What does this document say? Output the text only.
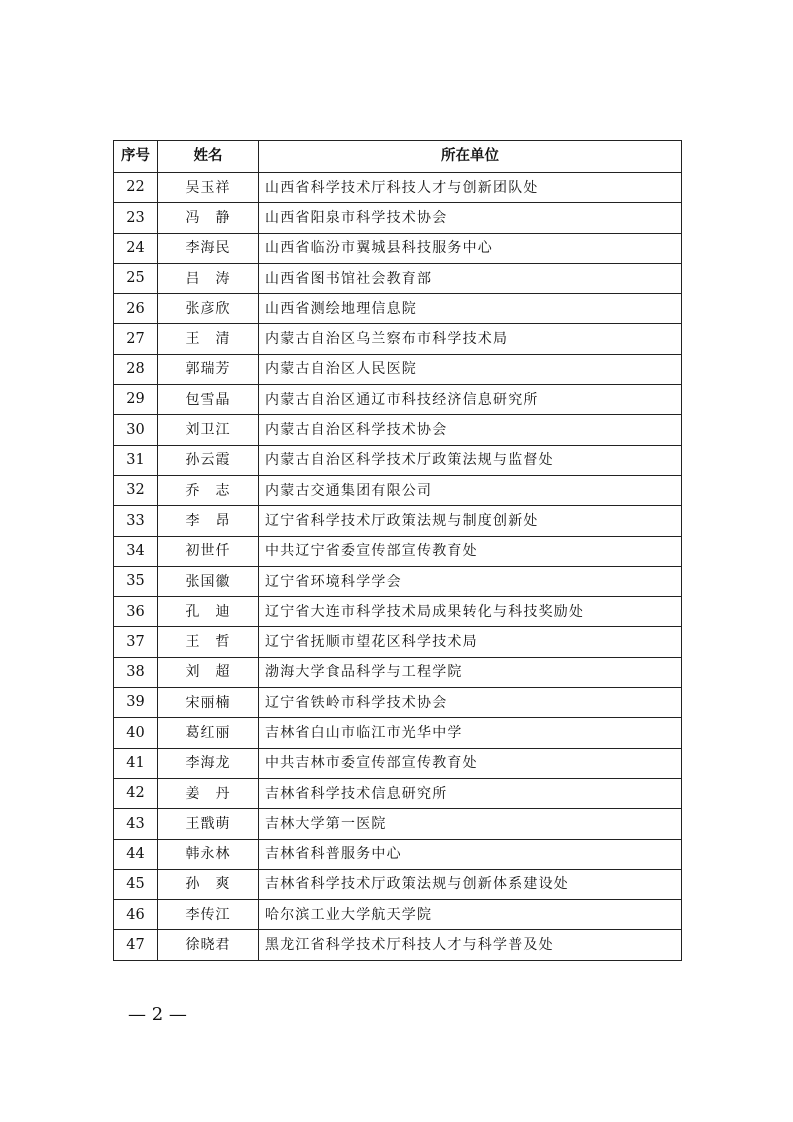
序号	姓名	所在单位
22	吴玉祥	山西省科学技术厅科技人才与创新团队处
23	冯　静	山西省阳泉市科学技术协会
24	李海民	山西省临汾市翼城县科技服务中心
25	吕　涛	山西省图书馆社会教育部
26	张彦欣	山西省测绘地理信息院
27	王　清	内蒙古自治区乌兰察布市科学技术局
28	郭瑞芳	内蒙古自治区人民医院
29	包雪晶	内蒙古自治区通辽市科技经济信息研究所
30	刘卫江	内蒙古自治区科学技术协会
31	孙云霞	内蒙古自治区科学技术厅政策法规与监督处
32	乔　志	内蒙古交通集团有限公司
33	李　昂	辽宁省科学技术厅政策法规与制度创新处
34	初世仟	中共辽宁省委宣传部宣传教育处
35	张国徽	辽宁省环境科学学会
36	孔　迪	辽宁省大连市科学技术局成果转化与科技奖励处
37	王　哲	辽宁省抚顺市望花区科学技术局
38	刘　超	渤海大学食品科学与工程学院
39	宋丽楠	辽宁省铁岭市科学技术协会
40	葛红丽	吉林省白山市临江市光华中学
41	李海龙	中共吉林市委宣传部宣传教育处
42	姜　丹	吉林省科学技术信息研究所
43	王戬萌	吉林大学第一医院
44	韩永林	吉林省科普服务中心
45	孙　爽	吉林省科学技术厅政策法规与创新体系建设处
46	李传江	哈尔滨工业大学航天学院
47	徐晓君	黑龙江省科学技术厅科技人才与科学普及处
— 2 —
